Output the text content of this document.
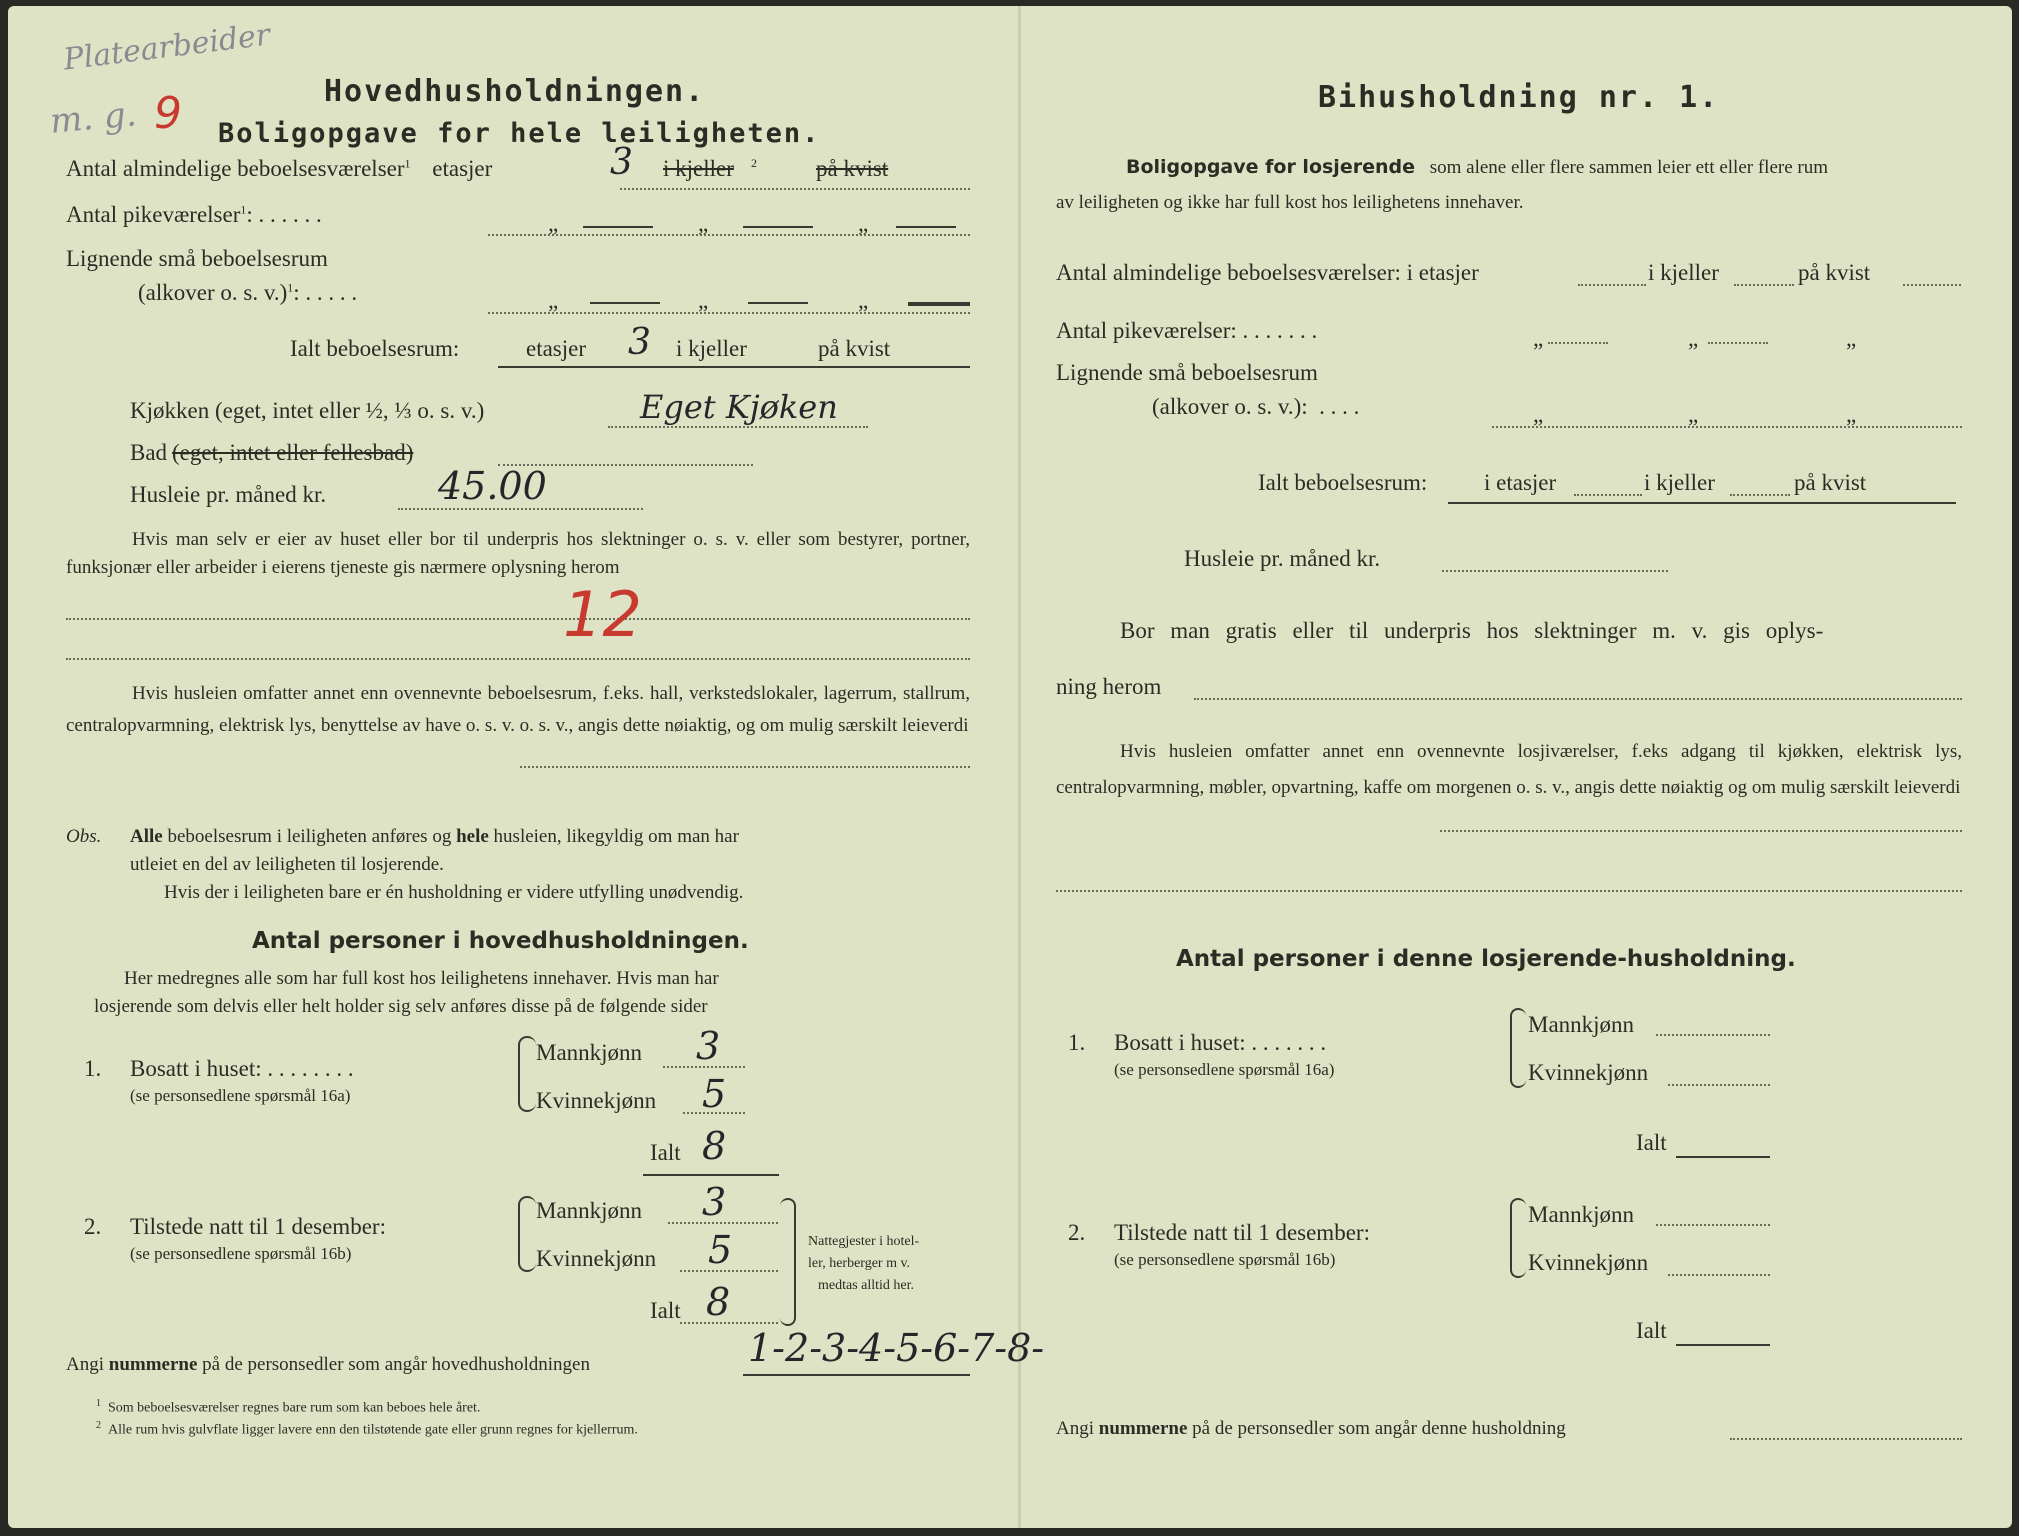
Platearbeider
m. g. 9	Hovedhusholdningen.
Boligopgave for hele leiligheten.
Antal almindelige beboelsesværelser$^1$ etasjer	3 i kjeller 2	på kvist
Antal pikeværelser$^1$: . . . . . .	„	„	„
Lignende små beboelsesrum
(alkover o. s. v.)$^1$: . . . . .	„	„	„
Ialt beboelsesrum:	etasjer 3 i kjeller	på kvist
Kjøkken (eget, intet eller ½, ⅓ o. s. v.)	Eget Kjøken
Bad (eget, intet eller fellesbad)
Husleie pr. måned kr.	45.00
Hvis man selv er eier av huset eller bor til underpris hos slektninger o. s. v. eller som bestyrer, portner, funksjonær eller arbeider i eierens tjeneste gis nærmere oplysning herom
12
Hvis husleien omfatter annet enn ovennevnte beboelsesrum, f.eks. hall, verkstedslokaler, lagerrum, stallrum, centralopvarmning, elektrisk lys, benyttelse av have o. s. v. o. s. v., angis dette nøiaktig, og om mulig særskilt leieverdi
Obs. Alle beboelsesrum i leiligheten anføres og hele husleien, likegyldig om man har
utleiet en del av leiligheten til losjerende.
Hvis der i leiligheten bare er én husholdning er videre utfylling unødvendig.
Antal personer i hovedhusholdningen.
Her medregnes alle som har full kost hos leilighetens innehaver. Hvis man har
losjerende som delvis eller helt holder sig selv anføres disse på de følgende sider
1. Bosatt i huset: . . . . . . . .
(se personsedlene spørsmål 16a)
Mannkjønn 3
Kvinnekjønn 5
Ialt 8
2. Tilstede natt til 1 desember:
(se personsedlene spørsmål 16b)
Mannkjønn 3
Kvinnekjønn 5
Ialt 8
Nattegjester i hotel-
ler, herberger m v.
medtas alltid her.
Angi nummerne på de personsedler som angår hovedhusholdningen	1-2-3-4-5-6-7-8-
$^1$ Som beboelsesværelser regnes bare rum som kan beboes hele året.
$^2$ Alle rum hvis gulvflate ligger lavere enn den tilstøtende gate eller grunn regnes for kjellerrum.
Bihusholdning nr. 1.
Boligopgave for losjerende som alene eller flere sammen leier ett eller flere rum
av leiligheten og ikke har full kost hos leilighetens innehaver.
Antal almindelige beboelsesværelser: i etasjer	i kjeller	på kvist
Antal pikeværelser: . . . . . . .	„	„	„
Lignende små beboelsesrum
(alkover o. s. v.): . . . .	„	„	„
Ialt beboelsesrum: i etasjer	i kjeller	på kvist
Husleie pr. måned kr.
Bor man gratis eller til underpris hos slektninger m. v. gis oplys-
ning herom
Hvis husleien omfatter annet enn ovennevnte losjiværelser, f.eks adgang til kjøkken, elektrisk lys, centralopvarmning, møbler, opvartning, kaffe om morgenen o. s. v., angis dette nøiaktig og om mulig særskilt leieverdi
Antal personer i denne losjerende-husholdning.
1. Bosatt i huset: . . . . . . .
(se personsedlene spørsmål 16a)
Mannkjønn
Kvinnekjønn
Ialt
2. Tilstede natt til 1 desember:
(se personsedlene spørsmål 16b)
Mannkjønn
Kvinnekjønn
Ialt
Angi nummerne på de personsedler som angår denne husholdning
